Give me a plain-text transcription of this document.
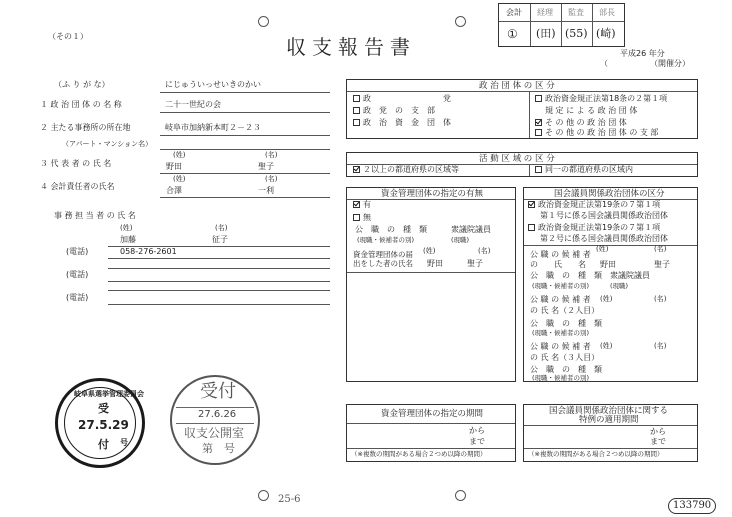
（その１）	収支報告書	平成26 年分
（開催分）
（
会計 経理 監査 部長
① (田) (55) (崎)
（ふ り が な）	にじゅういっせいきのかい
１ 政 治 団 体 の 名 称	二十一世紀の会
２ 主たる事務所の所在地	岐阜市加納新本町２－２３
（アパート・マンション名）
(姓)	(名)
３ 代 表 者 の 氏 名	野田	聖子
(姓)	(名)
４ 会計責任者の氏名	合澤	一利
事 務 担 当 者 の 氏 名
(姓)	(名)
加藤	征子
(電話)	058-276-2601
(電話)
(電話)
政 治 団 体 の 区 分
政　　　　　　　　　党
政　党　の　支　部
政　治　資　金　団　体
政治資金規正法第18条の２第１項
規 定 に よ る 政 治 団 体
そ の 他 の 政 治 団 体
そ の 他 の 政 治 団 体 の 支 部
活 動 区 域 の 区 分
２以上の都道府県の区域等	同一の都道府県の区域内
資金管理団体の指定の有無
有
無
公　職　の　種　類	衆議院議員
(現職・候補者の別)	(現職)
(姓)	(名)
資金管理団体の届
出をした者の氏名 野田	聖子
国会議員関係政治団体の区分
政治資金規正法第19条の７第１項
第１号に係る国会議員関係政治団体
政治資金規正法第19条の７第１項
第２号に係る国会議員関係政治団体
(姓)	(名)
公 職 の 候 補 者
の　　氏　　名 野田	聖子
公　職　の　種　類 衆議院議員
(現職・候補者の別)	(現職)
公 職 の 候 補 者 (姓)	(名)
の 氏 名（２人目）
公　職　の　種　類
(現職・候補者の別)
公 職 の 候 補 者 (姓)	(名)
の 氏 名（３人目）
公　職　の　種　類
(現職・候補者の別)
資金管理団体の指定の期間
から
まで
（※複数の期間がある場合２つめ以降の期間）
国会議員関係政治団体に関する
特例の適用期間
から
まで
（※複数の期間がある場合２つめ以降の期間）
岐阜県選挙管理委員会
受
27.5.29
付 号
受付
27.6.26
収支公開室
第　号
25-6
133790
